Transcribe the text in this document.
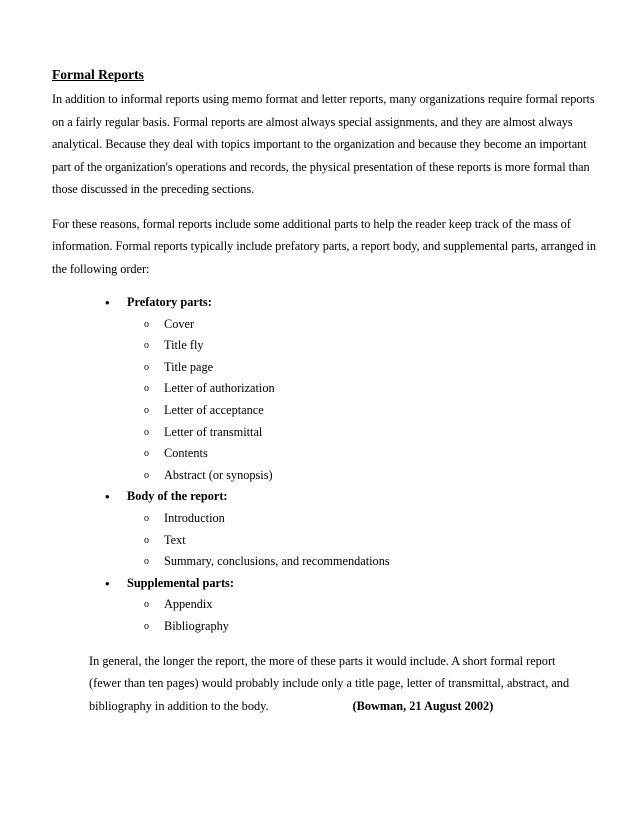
Formal Reports

In addition to informal reports using memo format and letter reports, many organizations require formal reports on a fairly regular basis. Formal reports are almost always special assignments, and they are almost always analytical. Because they deal with topics important to the organization and because they become an important part of the organization's operations and records, the physical presentation of these reports is more formal than those discussed in the preceding sections.

For these reasons, formal reports include some additional parts to help the reader keep track of the mass of information. Formal reports typically include prefatory parts, a report body, and supplemental parts, arranged in the following order:

• Prefatory parts:
o Cover
o Title fly
o Title page
o Letter of authorization
o Letter of acceptance
o Letter of transmittal
o Contents
o Abstract (or synopsis)
• Body of the report:
o Introduction
o Text
o Summary, conclusions, and recommendations
• Supplemental parts:
o Appendix
o Bibliography

In general, the longer the report, the more of these parts it would include. A short formal report (fewer than ten pages) would probably include only a title page, letter of transmittal, abstract, and bibliography in addition to the body.	(Bowman, 21 August 2002)
